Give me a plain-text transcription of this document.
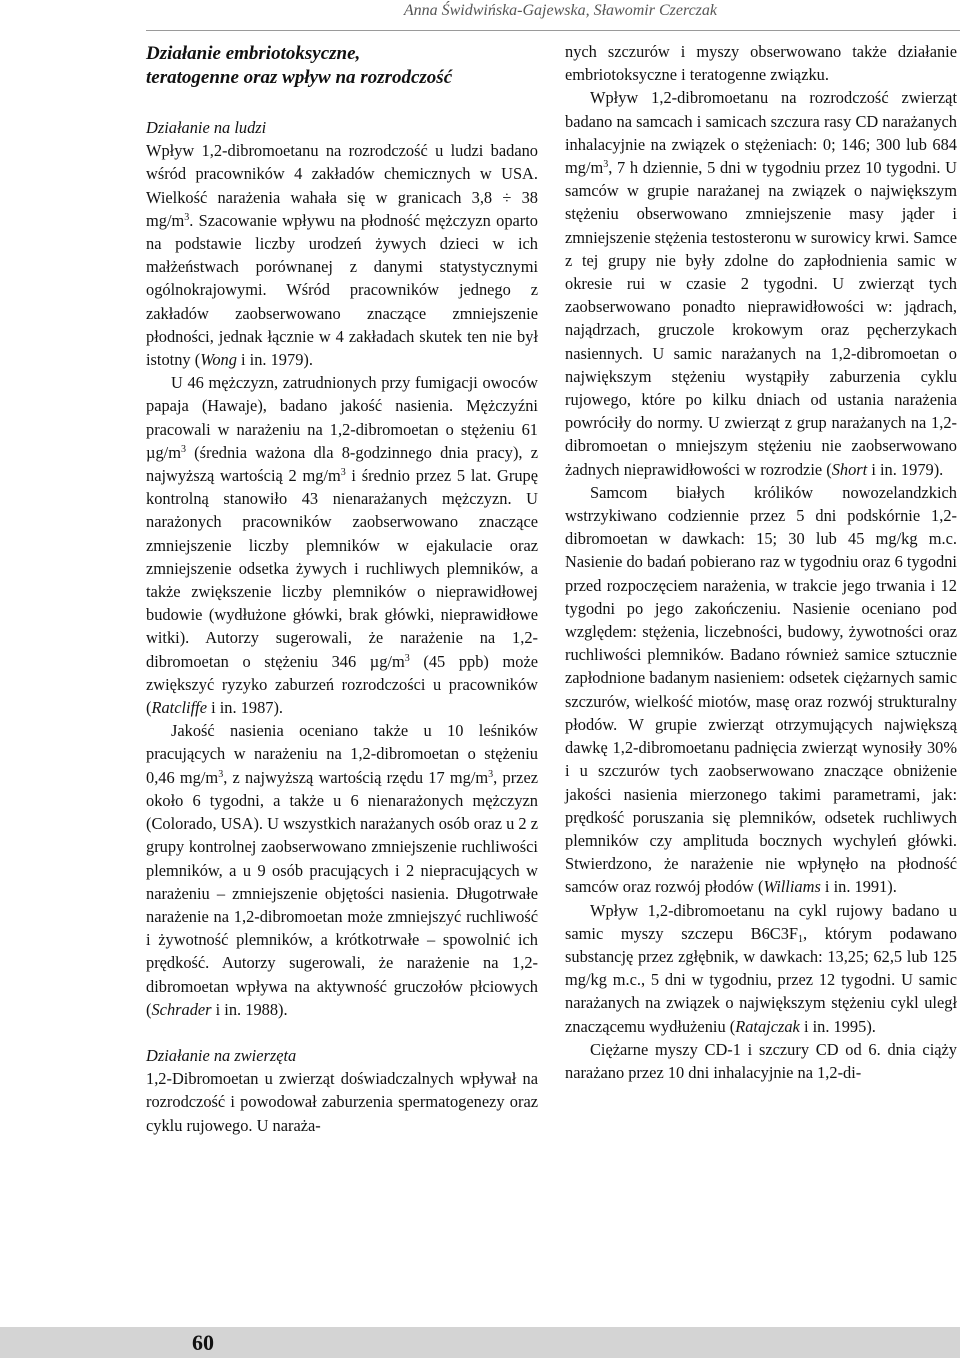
Anna Świdwińska-Gajewska, Sławomir Czerczak
Działanie embriotoksyczne,
teratogenne oraz wpływ na rozrodczość
Działanie na ludzi

Wpływ 1,2-dibromoetanu na rozrodczość u ludzi badano wśród pracowników 4 zakładów chemicznych w USA. Wielkość narażenia wahała się w granicach 3,8 ÷ 38 $mg/m^3$. Szacowanie wpływu na płodność mężczyzn oparto na podstawie liczby urodzeń żywych dzieci w ich małżeństwach porównanej z danymi statystycznymi ogólnokrajowymi. Wśród pracowników jednego z zakładów zaobserwowano znaczące zmniejszenie płodności, jednak łącznie w 4 zakładach skutek ten nie był istotny (Wong i in. 1979).

U 46 mężczyzn, zatrudnionych przy fumigacji owoców papaja (Hawaje), badano jakość nasienia. Mężczyźni pracowali w narażeniu na 1,2-dibromoetan o stężeniu 61 $\mu g/m^3$ (średnia ważona dla 8-godzinnego dnia pracy), z najwyższą wartością 2 $mg/m^3$ i średnio przez 5 lat. Grupę kontrolną stanowiło 43 nienarażanych mężczyzn. U narażonych pracowników zaobserwowano znaczące zmniejszenie liczby plemników w ejakulacie oraz zmniejszenie odsetka żywych i ruchliwych plemników, a także zwiększenie liczby plemników o nieprawidłowej budowie (wydłużone główki, brak główki, nieprawidłowe witki). Autorzy sugerowali, że narażenie na 1,2-dibromoetan o stężeniu 346 $\mu g/m^3$ (45 ppb) może zwiększyć ryzyko zaburzeń rozrodczości u pracowników (Ratcliffe i in. 1987).

Jakość nasienia oceniano także u 10 leśników pracujących w narażeniu na 1,2-dibromoetan o stężeniu 0,46 $mg/m^3$, z najwyższą wartością rzędu 17 $mg/m^3$, przez około 6 tygodni, a także u 6 nienarażonych mężczyzn (Colorado, USA). U wszystkich narażanych osób oraz u 2 z grupy kontrolnej zaobserwowano zmniejszenie ruchliwości plemników, a u 9 osób pracujących i 2 niepracujących w narażeniu – zmniejszenie objętości nasienia. Długotrwałe narażenie na 1,2-dibromoetan może zmniejszyć ruchliwość i żywotność plemników, a krótkotrwałe – spowolnić ich prędkość. Autorzy sugerowali, że narażenie na 1,2-dibromoetan wpływa na aktywność gruczołów płciowych (Schrader i in. 1988).

Działanie na zwierzęta

1,2-Dibromoetan u zwierząt doświadczalnych wpływał na rozrodczość i powodował zaburzenia spermatogenezy oraz cyklu rujowego. U naraża-

nych szczurów i myszy obserwowano także działanie embriotoksyczne i teratogenne związku.

Wpływ 1,2-dibromoetanu na rozrodczość zwierząt badano na samcach i samicach szczura rasy CD narażanych inhalacyjnie na związek o stężeniach: 0; 146; 300 lub 684 $mg/m^3$, 7 h dziennie, 5 dni w tygodniu przez 10 tygodni. U samców w grupie narażanej na związek o największym stężeniu obserwowano zmniejszenie masy jąder i zmniejszenie stężenia testosteronu w surowicy krwi. Samce z tej grupy nie były zdolne do zapłodnienia samic w okresie rui w czasie 2 tygodni. U zwierząt tych zaobserwowano ponadto nieprawidłowości w: jądrach, najądrzach, gruczole krokowym oraz pęcherzykach nasiennych. U samic narażanych na 1,2-dibromoetan o największym stężeniu wystąpiły zaburzenia cyklu rujowego, które po kilku dniach od ustania narażenia powróciły do normy. U zwierząt z grup narażanych na 1,2-dibromoetan o mniejszym stężeniu nie zaobserwowano żadnych nieprawidłowości w rozrodzie (Short i in. 1979).

Samcom białych królików nowozelandzkich wstrzykiwano codziennie przez 5 dni podskórnie 1,2-dibromoetan w dawkach: 15; 30 lub 45 mg/kg m.c. Nasienie do badań pobierano raz w tygodniu oraz 6 tygodni przed rozpoczęciem narażenia, w trakcie jego trwania i 12 tygodni po jego zakończeniu. Nasienie oceniano pod względem: stężenia, liczebności, budowy, żywotności oraz ruchliwości plemników. Badano również samice sztucznie zapłodnione badanym nasieniem: odsetek ciężarnych samic szczurów, wielkość miotów, masę oraz rozwój strukturalny płodów. W grupie zwierząt otrzymujących największą dawkę 1,2-dibromoetanu padnięcia zwierząt wynosiły 30% i u szczurów tych zaobserwowano znaczące obniżenie jakości nasienia mierzonego takimi parametrami, jak: prędkość poruszania się plemników, odsetek ruchliwych plemników czy amplituda bocznych wychyleń główki. Stwierdzono, że narażenie nie wpłynęło na płodność samców oraz rozwój płodów (Williams i in. 1991).

Wpływ 1,2-dibromoetanu na cykl rujowy badano u samic myszy szczepu $B6C3F_1$, którym podawano substancję przez zgłębnik, w dawkach: 13,25; 62,5 lub 125 mg/kg m.c., 5 dni w tygodniu, przez 12 tygodni. U samic narażanych na związek o największym stężeniu cykl uległ znaczącemu wydłużeniu (Ratajczak i in. 1995).

Ciężarne myszy CD-1 i szczury CD od 6. dnia ciąży narażano przez 10 dni inhalacyjnie na 1,2-di-

60
